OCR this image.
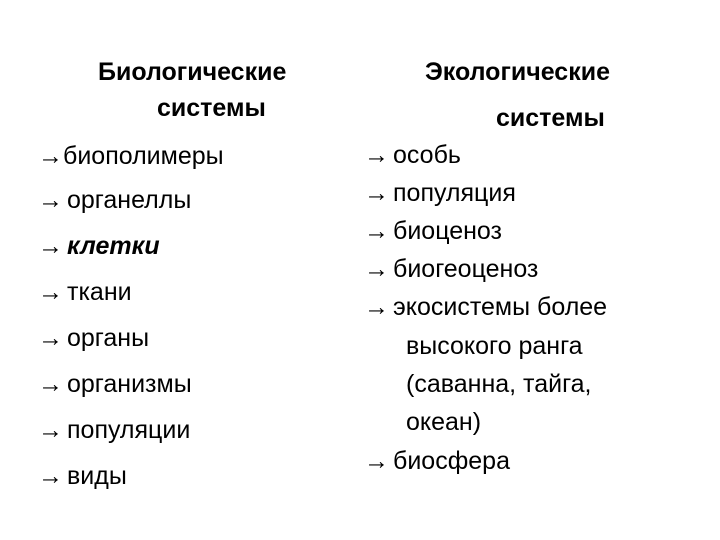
Биологические
системы
→биополимеры
→ органеллы
→ клетки
→ ткани
→ органы
→ организмы
→ популяции
→ виды
Экологические
системы
→ особь
→ популяция
→ биоценоз
→ биогеоценоз
→ экосистемы более
высокого ранга
(саванна, тайга,
океан)
→ биосфера
